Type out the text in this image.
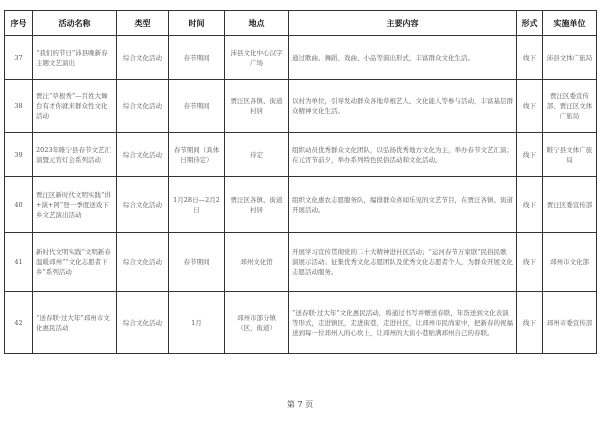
序号	活动名称	类型	时间	地点	主要内容	形式	实施单位
37	“我们的节日”沛县晚新春主题文艺演出	综合文化活动	春节期间	沛县文化中心汉字广场	通过歌曲、舞蹈、戏曲、小品等演出形式，丰富群众文化生活。	线下	沛县文体广旅局
38	贾汪“草根秀”—百姓大舞台有才你就来群众性文化活动	综合文化活动	春节期间	贾汪区各镇、街道村居	以村为单位，引导发动群众各地草根艺人、文化能人等参与活动，丰富基层群众精神文化生活。	线下	贾汪区委宣传部、贾汪区文体广旅局
39	2023年睢宁县春节文艺汇演暨元宵灯会系列活动	综合文化活动	春节期间（具体日期待定）	待定	组织动员优秀群众文化团队，以弘扬优秀地方文化为主，举办春节文艺汇演；在元宵节前夕，举办系列特色民俗活动和文化活动。	线下	睢宁县文体广旅局
40	贾汪区新时代文明实践“讲+演+阿”登一季度送戏下乡文艺演出活动	综合文化活动	1月28日—2月2日	贾汪区各镇、街道村居	组织文化惠农志愿服务队，编排群众喜闻乐见的文艺节目，在贾汪各镇、街道开展活动。	线下	贾汪区委宣传部
41	新时代文明实践“文明新春温暖邳州”“文化志愿者下乡”系列活动	综合文化活动	春节期间	邳州文化馆	开展学习宣传贯彻党的二十大精神进社区活动；“运河春节万家联”民俗民歌演展示活动；征集优秀文化志愿团队及优秀文化志愿者个人，为群众开展文化志愿活动服务。	线下	邳州市文化部
42	“送春联·过大年”邳州市文化惠民活动	综合文化活动	1月	邳州市部分镇（区、街道）	“送春联·过大年”文化惠民活动，将通过书写并赠送春联、年货送到文化表演等形式，走进镇区，走进街巷，走进社区，让邳州市民尚家中，把新春的祝福送到每一位邳州人的心坎上，让邳州的大街小巷贴满邳州自己的春联。	线下	邳州市委宣传部
第 7 页
